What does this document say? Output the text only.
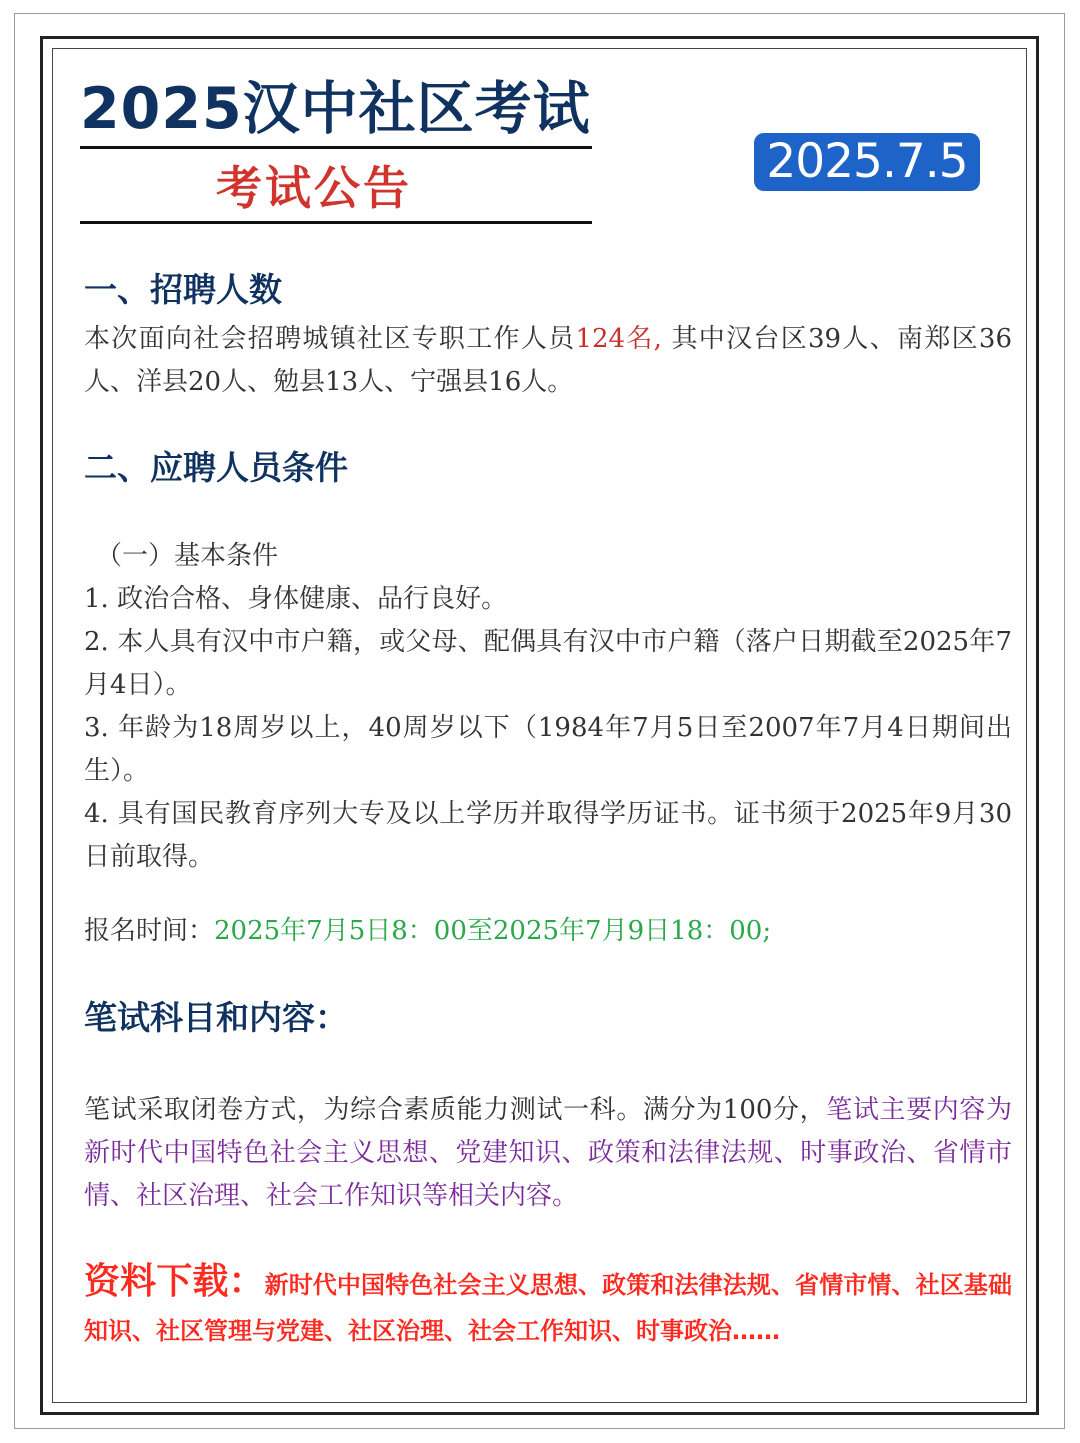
2025汉中社区考试
考试公告	2025.7.5
一、招聘人数

本次面向社会招聘城镇社区专职工作人员124名, 其中汉台区39人、南郑区36人、洋县20人、勉县13人、宁强县16人。

二、应聘人员条件
（一）基本条件
1. 政治合格、身体健康、品行良好。
2. 本人具有汉中市户籍，或父母、配偶具有汉中市户籍（落户日期截至2025年7月4日）。
3. 年龄为18周岁以上，40周岁以下（1984年7月5日至2007年7月4日期间出生）。
4. 具有国民教育序列大专及以上学历并取得学历证书。证书须于2025年9月30日前取得。

报名时间：2025年7月5日8：00至2025年7月9日18：00;

笔试科目和内容：

笔试采取闭卷方式，为综合素质能力测试一科。满分为100分，笔试主要内容为新时代中国特色社会主义思想、党建知识、政策和法律法规、时事政治、省情市情、社区治理、社会工作知识等相关内容。

资料下载：新时代中国特色社会主义思想、政策和法律法规、省情市情、社区基础知识、社区管理与党建、社区治理、社会工作知识、时事政治……
